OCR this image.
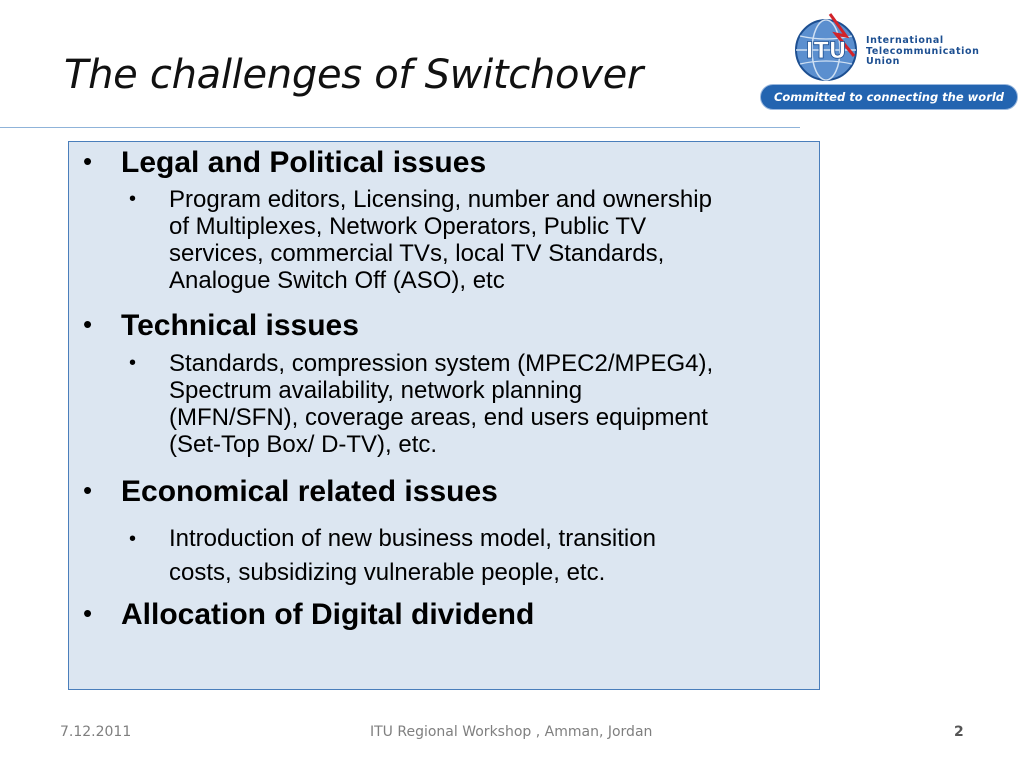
The challenges of Switchover
ITU International
Telecommunication
Union
Committed to connecting the world
• Legal and Political issues
• Program editors, Licensing, number and ownership
of Multiplexes, Network Operators, Public TV
services, commercial TVs, local TV Standards,
Analogue Switch Off (ASO), etc
• Technical issues
• Standards, compression system (MPEC2/MPEG4),
Spectrum availability, network planning
(MFN/SFN), coverage areas, end users equipment
(Set-Top Box/ D-TV), etc.
• Economical related issues
• Introduction of new business model, transition
costs, subsidizing vulnerable people, etc.
• Allocation of Digital dividend
7.12.2011	ITU Regional Workshop , Amman, Jordan	2
